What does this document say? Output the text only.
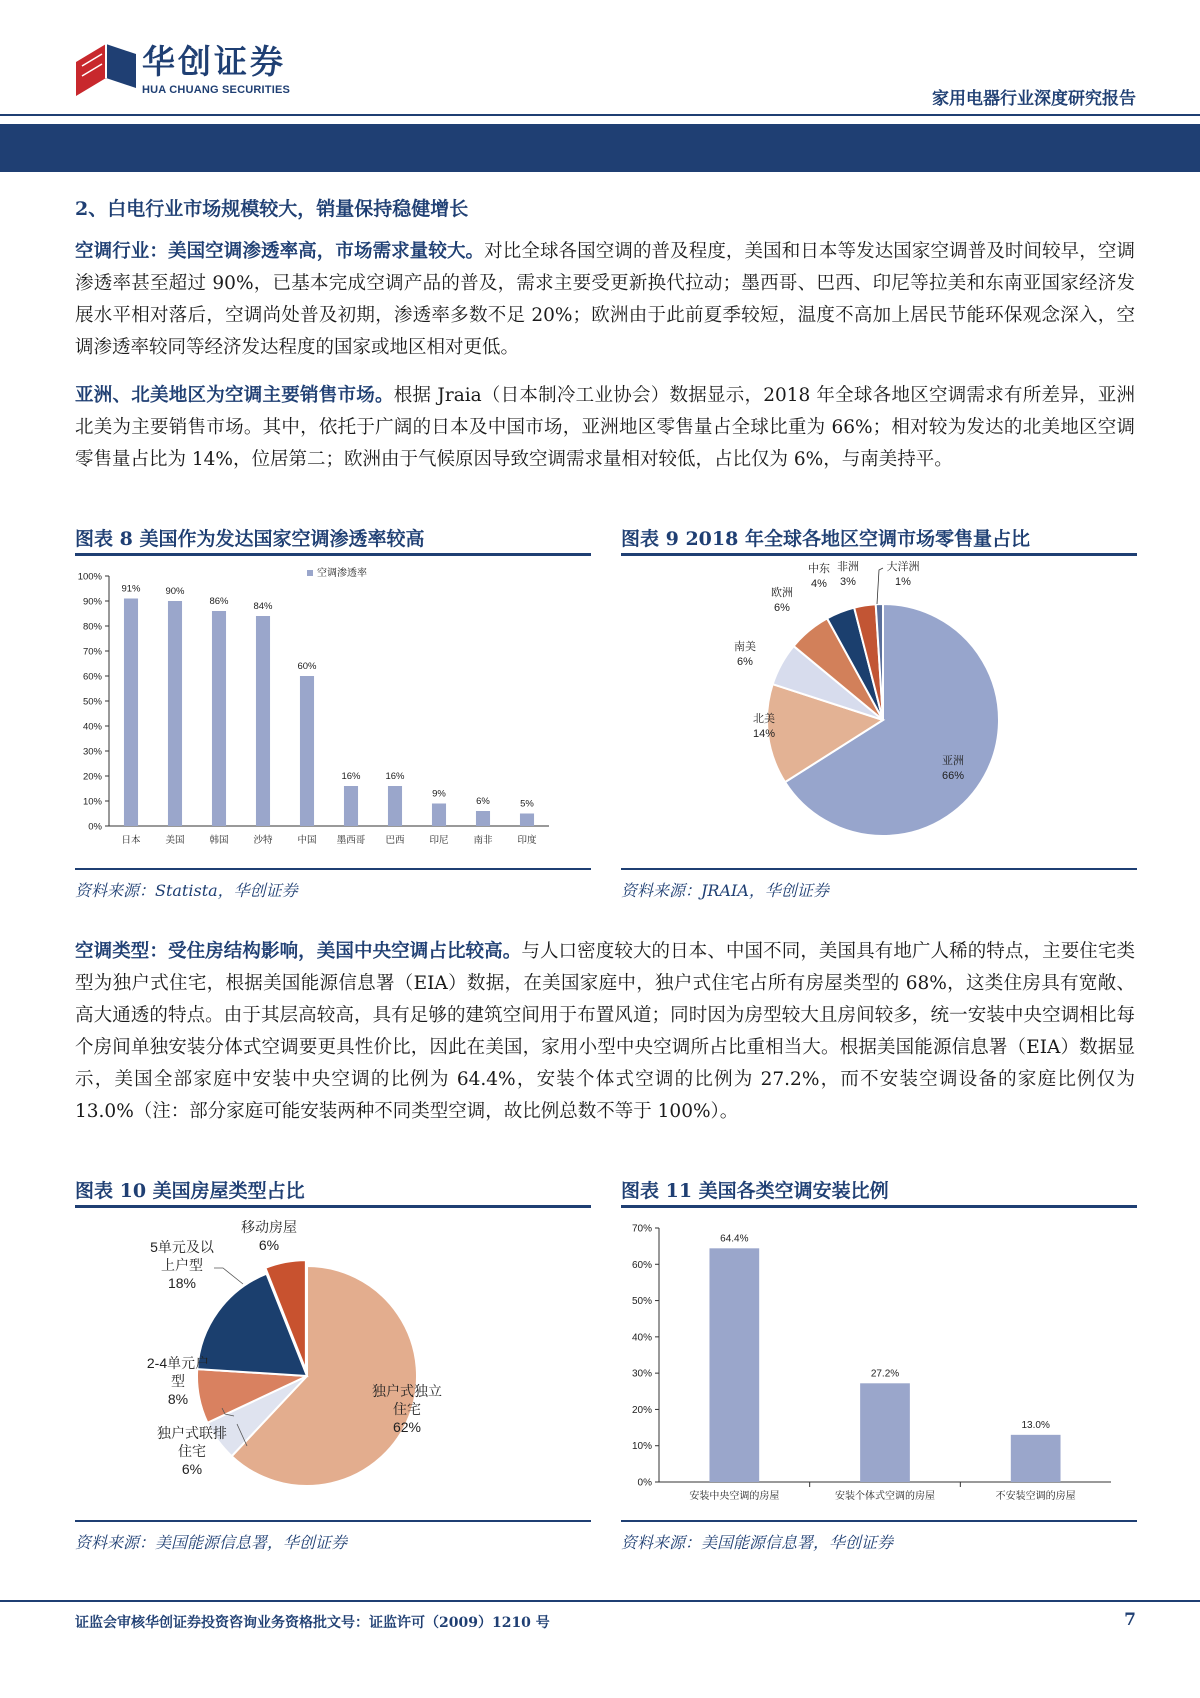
华创证券
HUA CHUANG SECURITIES	家用电器行业深度研究报告
2、白电行业市场规模较大，销量保持稳健增长
空调行业：美国空调渗透率高，市场需求量较大。对比全球各国空调的普及程度，美国和日本等发达国家空调普及时间较早，空调渗透率甚至超过 90%，已基本完成空调产品的普及，需求主要受更新换代拉动；墨西哥、巴西、印尼等拉美和东南亚国家经济发展水平相对落后，空调尚处普及初期，渗透率多数不足 20%；欧洲由于此前夏季较短，温度不高加上居民节能环保观念深入，空调渗透率较同等经济发达程度的国家或地区相对更低。
亚洲、北美地区为空调主要销售市场。根据 Jraia（日本制冷工业协会）数据显示，2018 年全球各地区空调需求有所差异，亚洲北美为主要销售市场。其中，依托于广阔的日本及中国市场，亚洲地区零售量占全球比重为 66%；相对较为发达的北美地区空调零售量占比为 14%，位居第二；欧洲由于气候原因导致空调需求量相对较低，占比仅为 6%，与南美持平。
图表 8 美国作为发达国家空调渗透率较高
0%
10%
20%
30%
40%
50%
60%
70%
80%
90%
100%
91%
日本
90%
美国
86%
韩国
84%
沙特
60%
中国
16%
墨西哥
16%
巴西
9%
印尼
6%
南非
5%
印度
空调渗透率
资料来源：Statista，华创证券
图表 9 2018 年全球各地区空调市场零售量占比
亚洲
66%
北美
14%
南美
6%
欧洲
6%
中东
4%
非洲
3%
大洋洲
1%
资料来源：JRAIA，华创证券
空调类型：受住房结构影响，美国中央空调占比较高。与人口密度较大的日本、中国不同，美国具有地广人稀的特点，主要住宅类型为独户式住宅，根据美国能源信息署（EIA）数据，在美国家庭中，独户式住宅占所有房屋类型的 68%，这类住房具有宽敞、高大通透的特点。由于其层高较高，具有足够的建筑空间用于布置风道；同时因为房型较大且房间较多，统一安装中央空调相比每个房间单独安装分体式空调要更具性价比，因此在美国，家用小型中央空调所占比重相当大。根据美国能源信息署（EIA）数据显示，美国全部家庭中安装中央空调的比例为 64.4%，安装个体式空调的比例为 27.2%，而不安装空调设备的家庭比例仅为 13.0%（注：部分家庭可能安装两种不同类型空调，故比例总数不等于 100%）。
图表 10 美国房屋类型占比
独户式独立
住宅
62%
独户式联排
住宅
6%
2-4单元户
型
8%
5单元及以
上户型
18%
移动房屋
6%
资料来源：美国能源信息署，华创证券
图表 11 美国各类空调安装比例
0%
10%
20%
30%
40%
50%
60%
70%
64.4%
安装中央空调的房屋
27.2%
安装个体式空调的房屋
13.0%
不安装空调的房屋
资料来源：美国能源信息署，华创证券
证监会审核华创证券投资咨询业务资格批文号：证监许可（2009）1210 号	7
